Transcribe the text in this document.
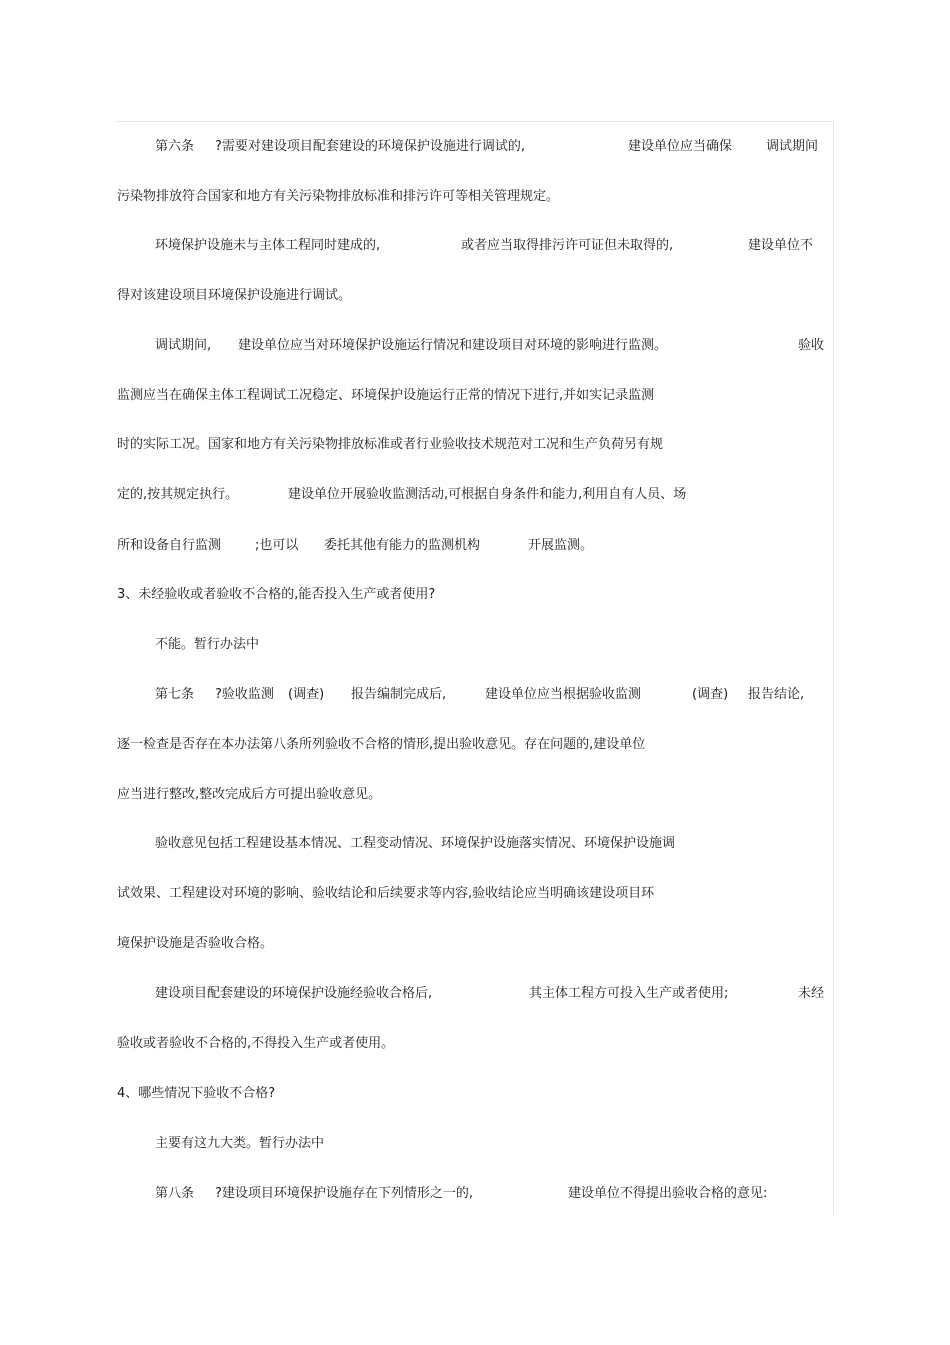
第六条 ?需要对建设项目配套建设的环境保护设施进行调试的,	建设单位应当确保	调试期间
污染物排放符合国家和地方有关污染物排放标准和排污许可等相关管理规定。
环境保护设施未与主体工程同时建成的,	或者应当取得排污许可证但未取得的,	建设单位不
得对该建设项目环境保护设施进行调试。
调试期间, 建设单位应当对环境保护设施运行情况和建设项目对环境的影响进行监测。	验收
监测应当在确保主体工程调试工况稳定、环境保护设施运行正常的情况下进行,并如实记录监测
时的实际工况。国家和地方有关污染物排放标准或者行业验收技术规范对工况和生产负荷另有规
定的,按其规定执行。	建设单位开展验收监测活动,可根据自身条件和能力,利用自有人员、场
所和设备自行监测	;也可以 委托其他有能力的监测机构	开展监测。
3、未经验收或者验收不合格的,能否投入生产或者使用?
不能。暂行办法中
第七条 ?验收监测 (调查) 报告编制完成后,	建设单位应当根据验收监测	(调查) 报告结论,
逐一检查是否存在本办法第八条所列验收不合格的情形,提出验收意见。存在问题的,建设单位
应当进行整改,整改完成后方可提出验收意见。
验收意见包括工程建设基本情况、工程变动情况、环境保护设施落实情况、环境保护设施调
试效果、工程建设对环境的影响、验收结论和后续要求等内容,验收结论应当明确该建设项目环
境保护设施是否验收合格。
建设项目配套建设的环境保护设施经验收合格后,	其主体工程方可投入生产或者使用;	未经
验收或者验收不合格的,不得投入生产或者使用。
4、哪些情况下验收不合格?
主要有这九大类。暂行办法中
第八条 ?建设项目环境保护设施存在下列情形之一的,	建设单位不得提出验收合格的意见:
